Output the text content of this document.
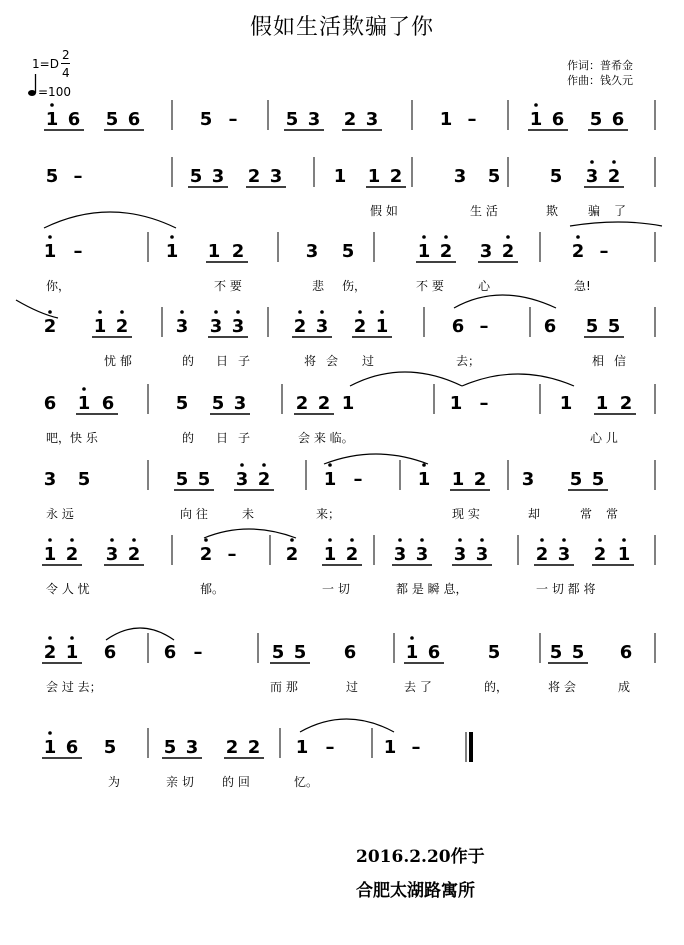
假如生活欺骗了你
1=D
2
4
=100
作词：普希金
作曲：钱久元
1 6 5 6	5 –	5 3 2 3	1 –	1 6 5 6
5 –	5 3 2 3	1 1 2	3 5	5 3 2
假 如	生 活	欺 骗 了
1 –	1 1 2	3 5	1 2 3 2	2 –
你，	不 要	悲 伤，	不 要	心	急!
2 1 2	3 3 3	2 3 2 1	6 –	6 5 5
忧 郁	的 日 子	将 会 过	去；	相 信
6 1 6	5 5 3	2 2 1	1 –	1 1 2
吧，快 乐	的 日 子	会 来 临。	心 儿
3 5	5 5 3 2	1 –	1 1 2 3 5 5
永 远	向 往	未	来；	现 实	却	常 常
1 2 3 2	2 –	2 1 2 3 3 3 3	2 3 2 1
令 人 忧	郁。	一 切	都 是 瞬 息，	一 切 都 将
2 1 6	6 –	5 5 6	1 6	5	5 5 6
会 过 去；	而 那	过	去 了	的，	将 会	成
1 6 5	5 3 2 2 1 –	1 –
为	亲 切 的 回	忆。
2016.2.20作于
合肥太湖路寓所
